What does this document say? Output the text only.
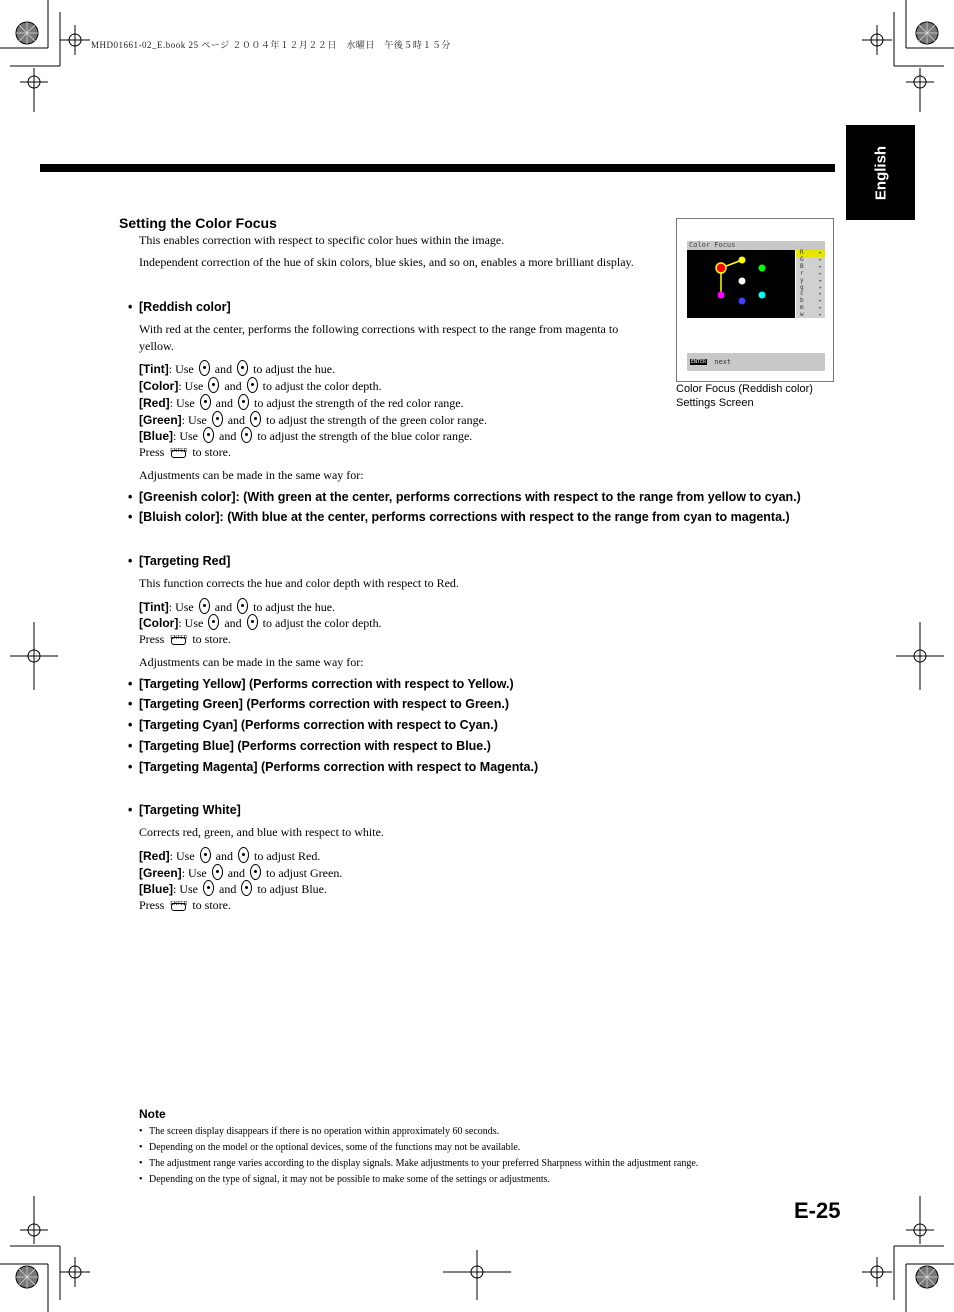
MHD01661-02_E.book 25 ページ ２００４年１２月２２日　水曜日　午後５時１５分
English
Setting the Color Focus
This enables correction with respect to specific color hues within the image.
Independent correction of the hue of skin colors, blue skies, and so on, enables a more brilliant display.
Color Focus
R
G
B
r
y
g
c
b
m
w
▸
▸
▸
▸
▸
▸
▸
▸
▸
▸
ENTER next
Color Focus (Reddish color)
Settings Screen
• [Reddish color]
With red at the center, performs the following corrections with respect to the range from magenta to yellow.
[Tint]: Use and to adjust the hue.
[Color]: Use and to adjust the color depth.
[Red]: Use and to adjust the strength of the red color range.
[Green]: Use and to adjust the strength of the green color range.
[Blue]: Use and to adjust the strength of the blue color range.
Press ENTER to store.
Adjustments can be made in the same way for:
• [Greenish color]: (With green at the center, performs corrections with respect to the range from yellow to cyan.)
• [Bluish color]: (With blue at the center, performs corrections with respect to the range from cyan to magenta.)
• [Targeting Red]
This function corrects the hue and color depth with respect to Red.
[Tint]: Use and to adjust the hue.
[Color]: Use and to adjust the color depth.
Press ENTER to store.
Adjustments can be made in the same way for:
• [Targeting Yellow] (Performs correction with respect to Yellow.)
• [Targeting Green] (Performs correction with respect to Green.)
• [Targeting Cyan] (Performs correction with respect to Cyan.)
• [Targeting Blue] (Performs correction with respect to Blue.)
• [Targeting Magenta] (Performs correction with respect to Magenta.)
• [Targeting White]
Corrects red, green, and blue with respect to white.
[Red]: Use and to adjust Red.
[Green]: Use and to adjust Green.
[Blue]: Use and to adjust Blue.
Press ENTER to store.
Note
• The screen display disappears if there is no operation within approximately 60 seconds.
• Depending on the model or the optional devices, some of the functions may not be available.
• The adjustment range varies according to the display signals. Make adjustments to your preferred Sharpness within the adjustment range.
• Depending on the type of signal, it may not be possible to make some of the settings or adjustments.
E-25
